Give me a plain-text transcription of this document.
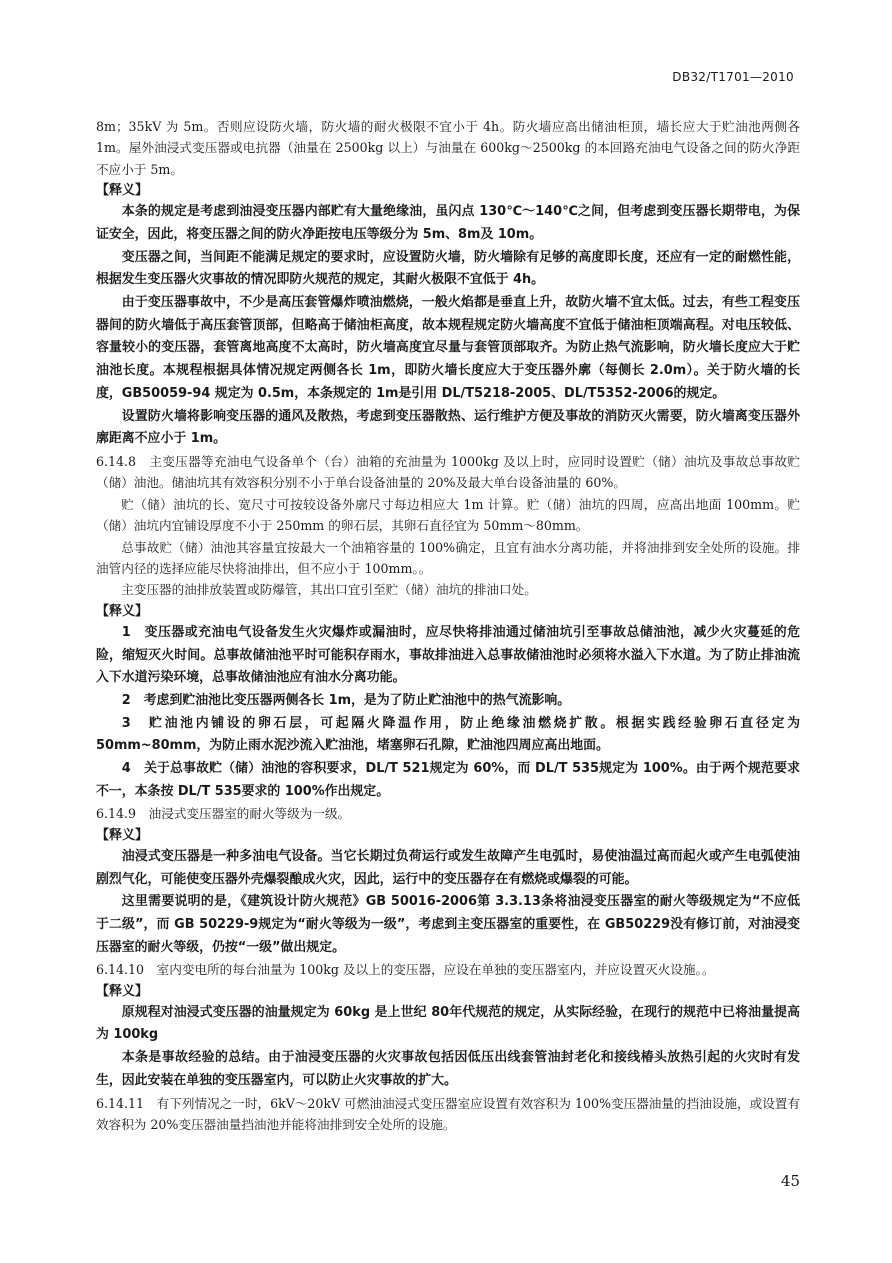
DB32/T1701—2010

8m；35kV 为 5m。否则应设防火墙，防火墙的耐火极限不宜小于 4h。防火墙应高出储油柜顶，墙长应大于贮油池两侧各 1m。屋外油浸式变压器或电抗器（油量在 2500kg 以上）与油量在 600kg～2500kg 的本回路充油电气设备之间的防火净距不应小于 5m。

【释义】

本条的规定是考虑到油浸变压器内部贮有大量绝缘油，虽闪点 130℃～140℃之间，但考虑到变压器长期带电，为保证安全，因此，将变压器之间的防火净距按电压等级分为 5m、8m及 10m。

变压器之间，当间距不能满足规定的要求时，应设置防火墙，防火墙除有足够的高度即长度，还应有一定的耐燃性能，根据发生变压器火灾事故的情况即防火规范的规定，其耐火极限不宜低于 4h。

由于变压器事故中，不少是高压套管爆炸喷油燃烧，一般火焰都是垂直上升，故防火墙不宜太低。过去，有些工程变压器间的防火墙低于高压套管顶部，但略高于储油柜高度，故本规程规定防火墙高度不宜低于储油柜顶端高程。对电压较低、容量较小的变压器，套管离地高度不太高时，防火墙高度宜尽量与套管顶部取齐。为防止热气流影响，防火墙长度应大于贮油池长度。本规程根据具体情况规定两侧各长 1m，即防火墙长度应大于变压器外廓（每侧长 2.0m）。关于防火墙的长度，GB50059-94 规定为 0.5m，本条规定的 1m是引用 DL/T5218-2005、DL/T5352-2006的规定。

设置防火墙将影响变压器的通风及散热，考虑到变压器散热、运行维护方便及事故的消防灭火需要，防火墙离变压器外廓距离不应小于 1m。

6.14.8　主变压器等充油电气设备单个（台）油箱的充油量为 1000kg 及以上时，应同时设置贮（储）油坑及事故总事故贮（储）油池。储油坑其有效容积分别不小于单台设备油量的 20%及最大单台设备油量的 60%。

贮（储）油坑的长、宽尺寸可按较设备外廓尺寸每边相应大 1m 计算。贮（储）油坑的四周，应高出地面 100mm。贮（储）油坑内宜铺设厚度不小于 250mm 的卵石层，其卵石直径宜为 50mm～80mm。

总事故贮（储）油池其容量宜按最大一个油箱容量的 100%确定，且宜有油水分离功能，并将油排到安全处所的设施。排油管内径的选择应能尽快将油排出，但不应小于 100mm。。

主变压器的油排放装置或防爆管，其出口宜引至贮（储）油坑的排油口处。

【释义】

1　变压器或充油电气设备发生火灾爆炸或漏油时，应尽快将排油通过储油坑引至事故总储油池，减少火灾蔓延的危险，缩短灭火时间。总事故储油池平时可能积存雨水，事故排油进入总事故储油池时必须将水溢入下水道。为了防止排油流入下水道污染环境，总事故储油池应有油水分离功能。

2　考虑到贮油池比变压器两侧各长 1m，是为了防止贮油池中的热气流影响。

3　贮油池内铺设的卵石层，可起隔火降温作用，防止绝缘油燃烧扩散。根据实践经验卵石直径定为 50mm~80mm，为防止雨水泥沙流入贮油池，堵塞卵石孔隙，贮油池四周应高出地面。

4　关于总事故贮（储）油池的容积要求，DL/T 521规定为 60%，而 DL/T 535规定为 100%。由于两个规范要求不一，本条按 DL/T 535要求的 100%作出规定。

6.14.9　油浸式变压器室的耐火等级为一级。

【释义】

油浸式变压器是一种多油电气设备。当它长期过负荷运行或发生故障产生电弧时，易使油温过高而起火或产生电弧使油剧烈气化，可能使变压器外壳爆裂酿成火灾，因此，运行中的变压器存在有燃烧或爆裂的可能。

这里需要说明的是，《建筑设计防火规范》GB 50016-2006第 3.3.13条将油浸变压器室的耐火等级规定为“不应低于二级”，而 GB 50229-9规定为“耐火等级为一级”，考虑到主变压器室的重要性，在 GB50229没有修订前，对油浸变压器室的耐火等级，仍按“一级”做出规定。

6.14.10　室内变电所的每台油量为 100kg 及以上的变压器，应设在单独的变压器室内，并应设置灭火设施。。

【释义】

原规程对油浸式变压器的油量规定为 60kg 是上世纪 80年代规范的规定，从实际经验，在现行的规范中已将油量提高为 100kg

本条是事故经验的总结。由于油浸变压器的火灾事故包括因低压出线套管油封老化和接线椿头放热引起的火灾时有发生，因此安装在单独的变压器室内，可以防止火灾事故的扩大。

6.14.11　有下列情况之一时，6kV～20kV 可燃油油浸式变压器室应设置有效容积为 100%变压器油量的挡油设施，或设置有效容积为 20%变压器油量挡油池并能将油排到安全处所的设施。

45
